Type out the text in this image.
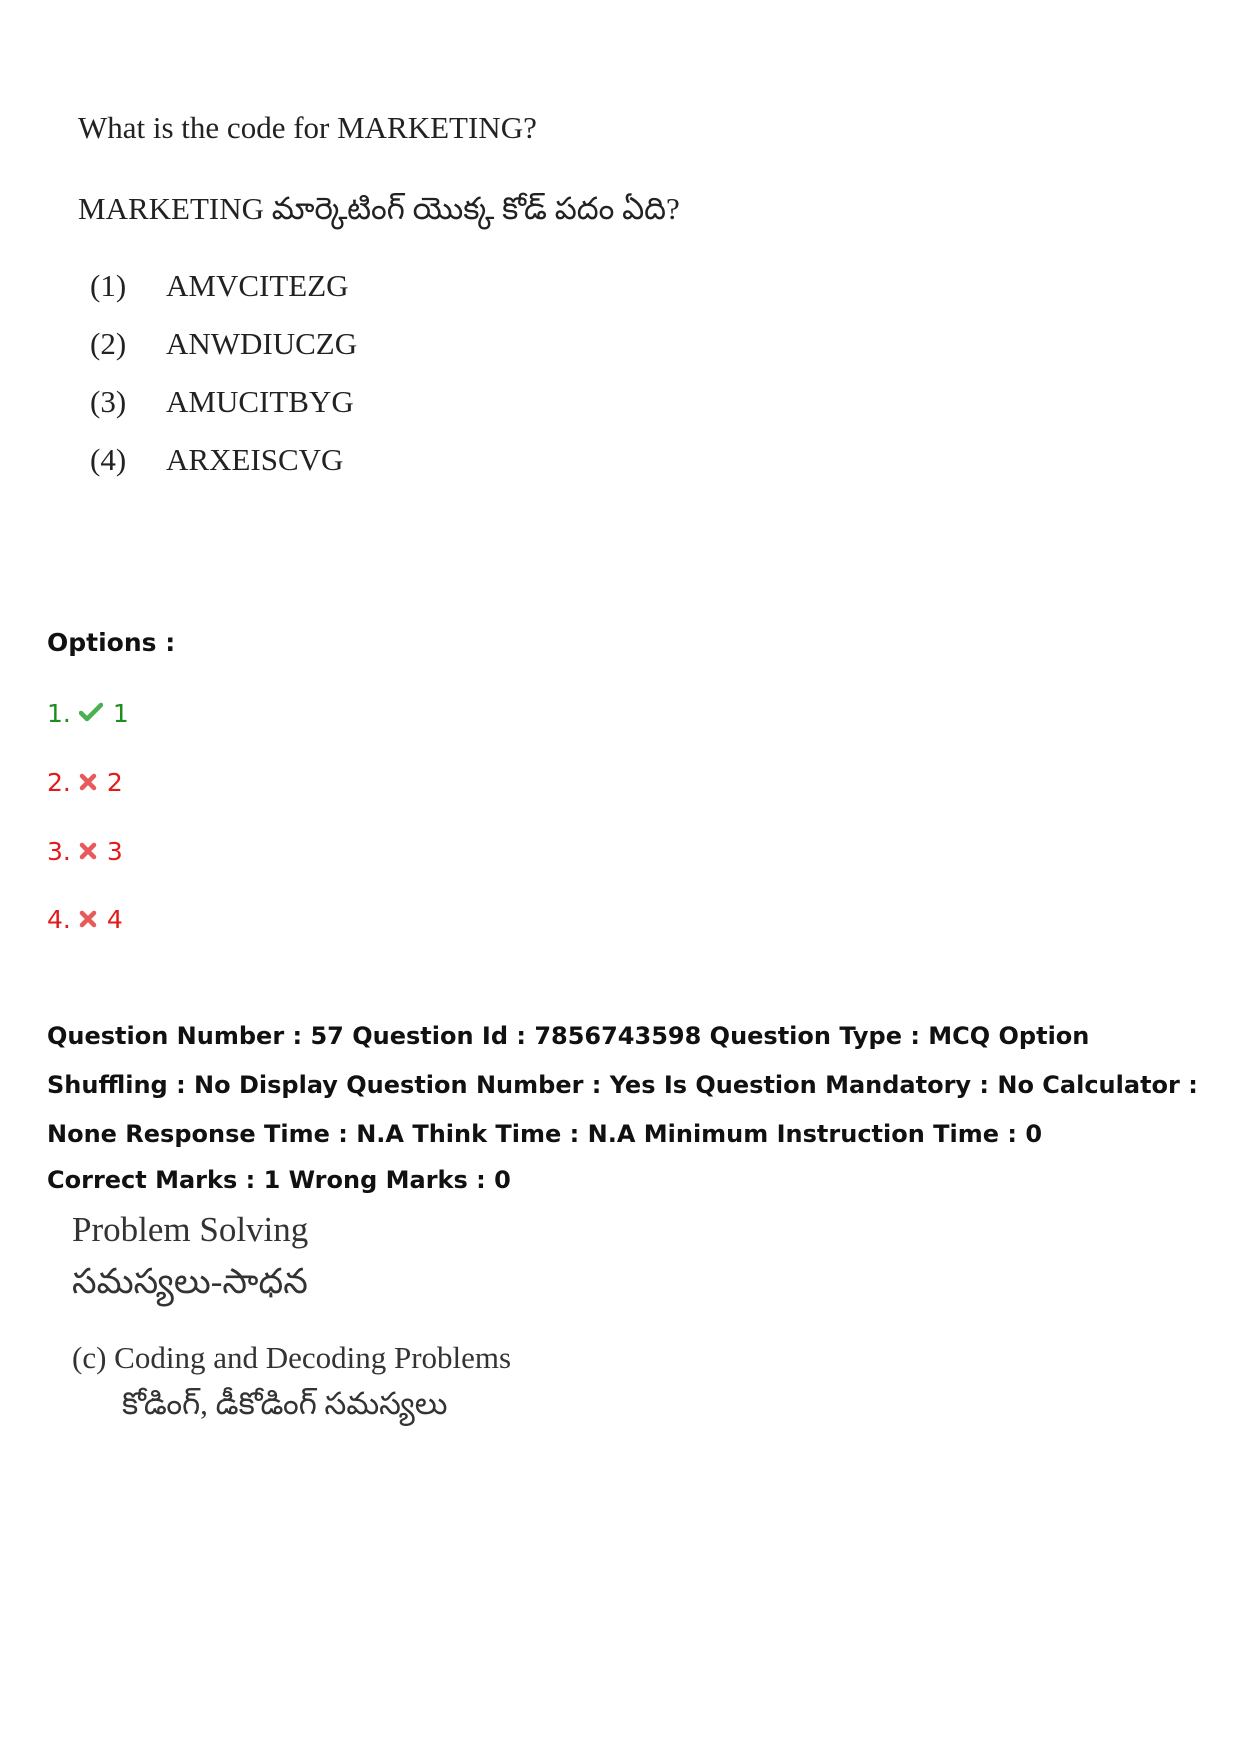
What is the code for MARKETING?
MARKETING మార్కెటింగ్ యొక్క కోడ్ పదం ఏది?
(1) AMVCITEZG
(2) ANWDIUCZG
(3) AMUCITBYG
(4) ARXEISCVG
Options :
1. 1
2. 2
3. 3
4. 4
Question Number : 57 Question Id : 7856743598 Question Type : MCQ Option Shuffling : No Display Question Number : Yes Is Question Mandatory : No Calculator : None Response Time : N.A Think Time : N.A Minimum Instruction Time : 0
Correct Marks : 1 Wrong Marks : 0
Problem Solving
సమస్యలు-సాధన
(c) Coding and Decoding Problems
కోడింగ్, డీకోడింగ్ సమస్యలు
